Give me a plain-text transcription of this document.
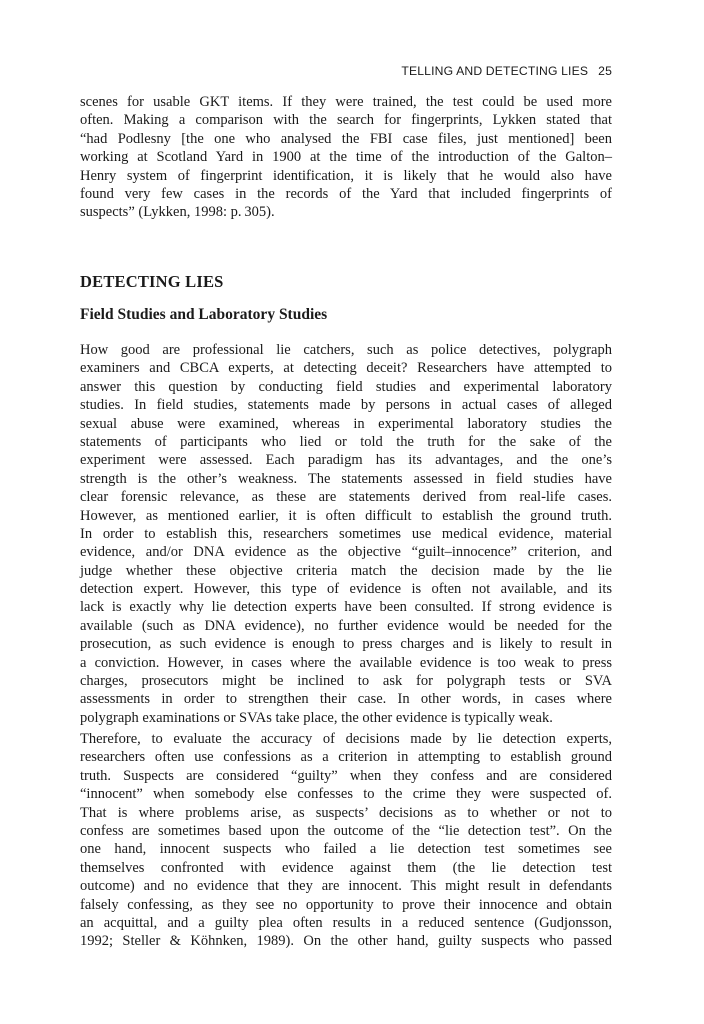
TELLING AND DETECTING LIES 25
scenes for usable GKT items. If they were trained, the test could be used more
often. Making a comparison with the search for fingerprints, Lykken stated that
“had Podlesny [the one who analysed the FBI case files, just mentioned] been
working at Scotland Yard in 1900 at the time of the introduction of the Galton–
Henry system of fingerprint identification, it is likely that he would also have
found very few cases in the records of the Yard that included fingerprints of
suspects” (Lykken, 1998: p. 305).
DETECTING LIES
Field Studies and Laboratory Studies
How good are professional lie catchers, such as police detectives, polygraph
examiners and CBCA experts, at detecting deceit? Researchers have attempted to
answer this question by conducting field studies and experimental laboratory
studies. In field studies, statements made by persons in actual cases of alleged
sexual abuse were examined, whereas in experimental laboratory studies the
statements of participants who lied or told the truth for the sake of the
experiment were assessed. Each paradigm has its advantages, and the one’s
strength is the other’s weakness. The statements assessed in field studies have
clear forensic relevance, as these are statements derived from real-life cases.
However, as mentioned earlier, it is often difficult to establish the ground truth.
In order to establish this, researchers sometimes use medical evidence, material
evidence, and/or DNA evidence as the objective “guilt–innocence” criterion, and
judge whether these objective criteria match the decision made by the lie
detection expert. However, this type of evidence is often not available, and its
lack is exactly why lie detection experts have been consulted. If strong evidence is
available (such as DNA evidence), no further evidence would be needed for the
prosecution, as such evidence is enough to press charges and is likely to result in
a conviction. However, in cases where the available evidence is too weak to press
charges, prosecutors might be inclined to ask for polygraph tests or SVA
assessments in order to strengthen their case. In other words, in cases where
polygraph examinations or SVAs take place, the other evidence is typically weak.
Therefore, to evaluate the accuracy of decisions made by lie detection experts,
researchers often use confessions as a criterion in attempting to establish ground
truth. Suspects are considered “guilty” when they confess and are considered
“innocent” when somebody else confesses to the crime they were suspected of.
That is where problems arise, as suspects’ decisions as to whether or not to
confess are sometimes based upon the outcome of the “lie detection test”. On the
one hand, innocent suspects who failed a lie detection test sometimes see
themselves confronted with evidence against them (the lie detection test
outcome) and no evidence that they are innocent. This might result in defendants
falsely confessing, as they see no opportunity to prove their innocence and obtain
an acquittal, and a guilty plea often results in a reduced sentence (Gudjonsson,
1992; Steller & Köhnken, 1989). On the other hand, guilty suspects who passed
